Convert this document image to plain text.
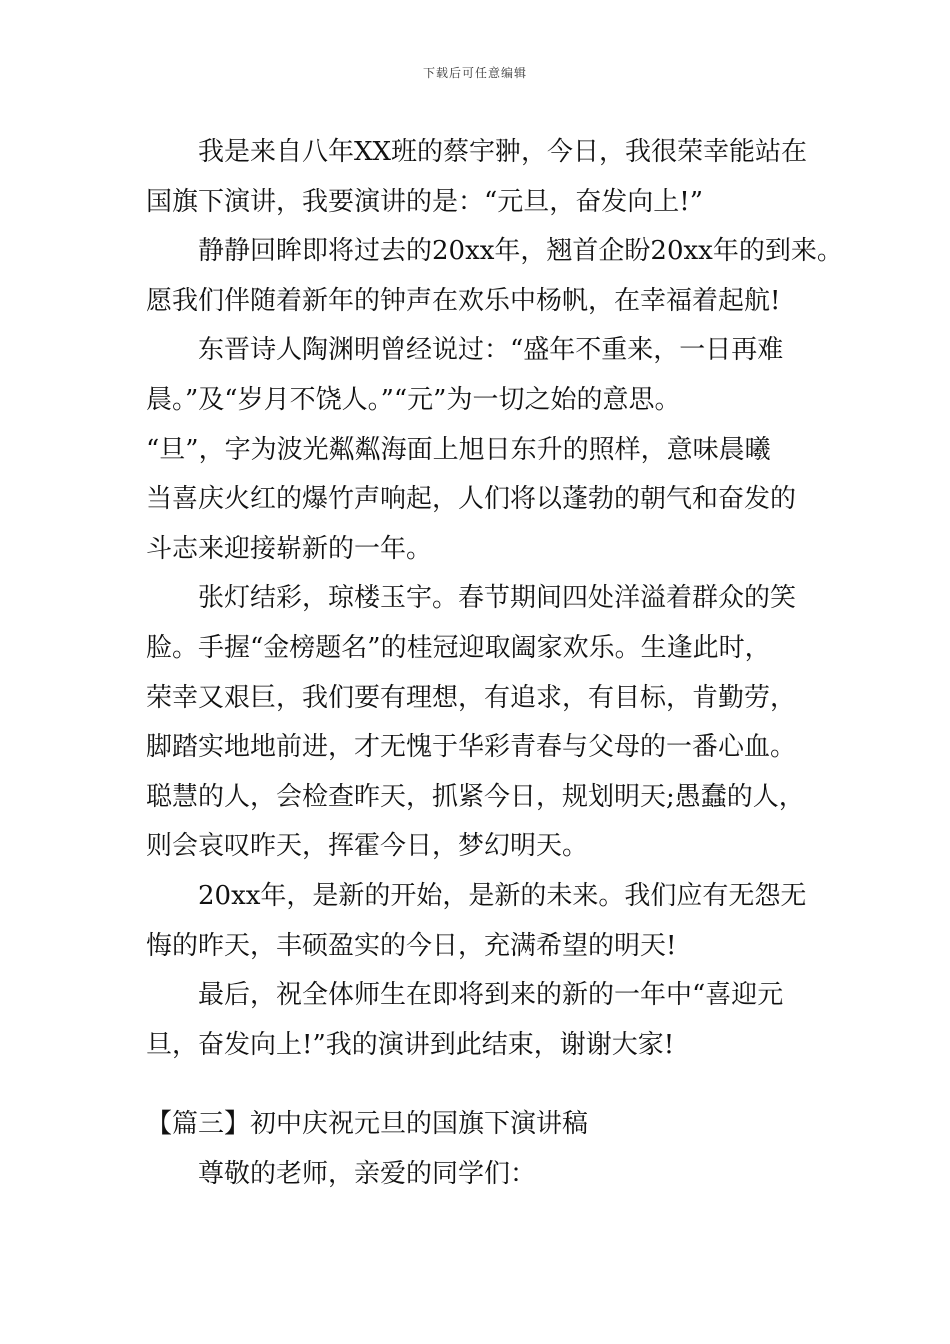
下载后可任意编辑

我是来自八年XX班的蔡宇翀，今日，我很荣幸能站在
国旗下演讲，我要演讲的是：“元旦，奋发向上!”

静静回眸即将过去的20xx年，翘首企盼20xx年的到来。
愿我们伴随着新年的钟声在欢乐中杨帆，在幸福着起航!

东晋诗人陶渊明曾经说过：“盛年不重来，一日再难
晨。”及“岁月不饶人。”“元”为一切之始的意思。
“旦”，字为波光粼粼海面上旭日东升的照样，意味晨曦
当喜庆火红的爆竹声响起，人们将以蓬勃的朝气和奋发的
斗志来迎接崭新的一年。

张灯结彩，琼楼玉宇。春节期间四处洋溢着群众的笑
脸。手握“金榜题名”的桂冠迎取阖家欢乐。生逢此时，
荣幸又艰巨，我们要有理想，有追求，有目标，肯勤劳，
脚踏实地地前进，才无愧于华彩青春与父母的一番心血。
聪慧的人，会检查昨天，抓紧今日，规划明天;愚蠢的人，
则会哀叹昨天，挥霍今日，梦幻明天。

20xx年，是新的开始，是新的未来。我们应有无怨无
悔的昨天，丰硕盈实的今日，充满希望的明天!

最后，祝全体师生在即将到来的新的一年中“喜迎元
旦，奋发向上!”我的演讲到此结束，谢谢大家!

【篇三】初中庆祝元旦的国旗下演讲稿
尊敬的老师，亲爱的同学们：
